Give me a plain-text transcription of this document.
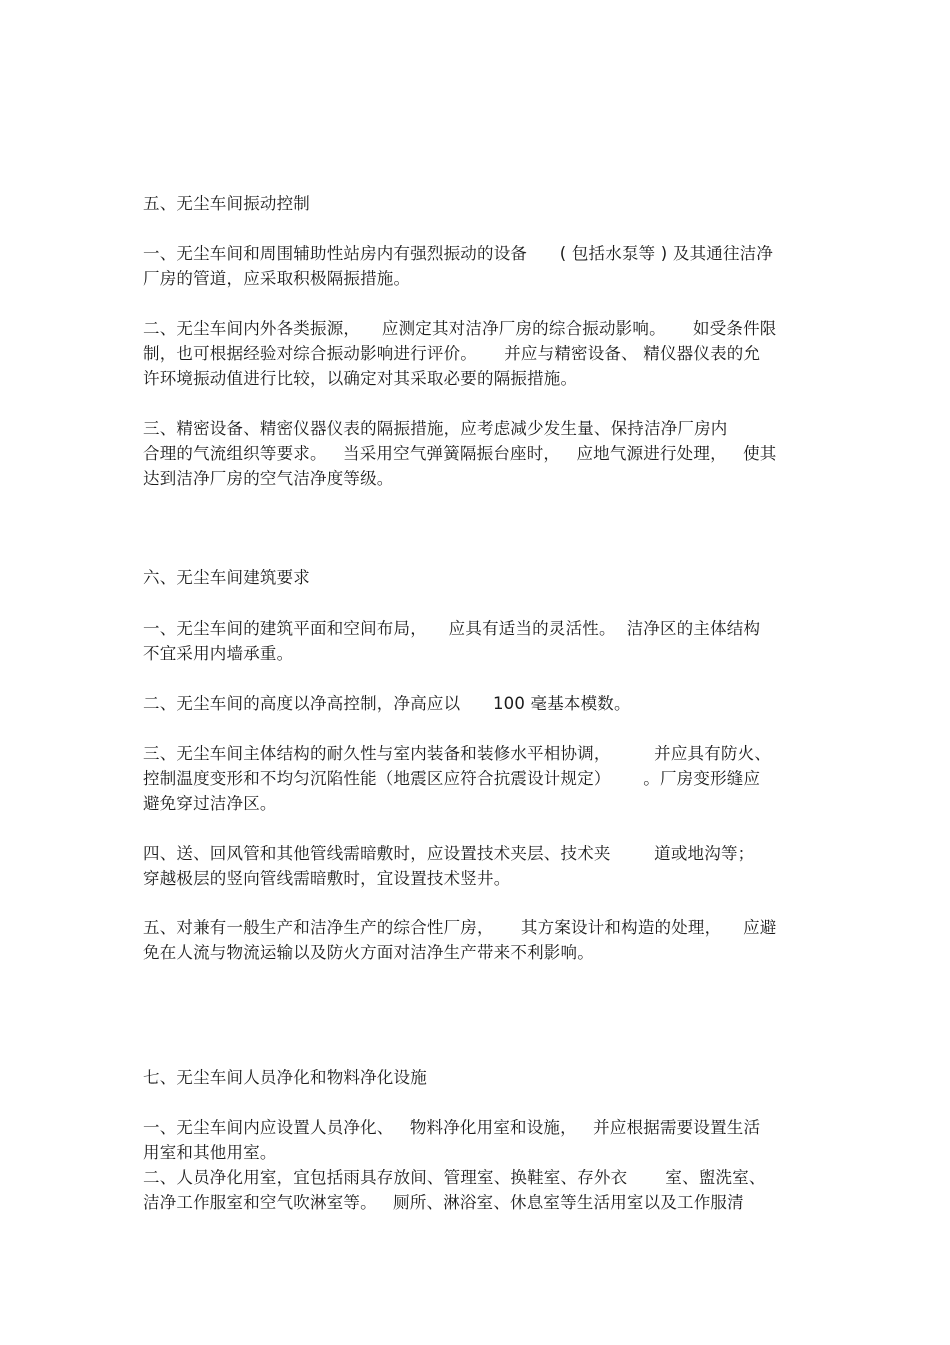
五、无尘车间振动控制
一、无尘车间和周围辅助性站房内有强烈振动的设备      ( 包括水泵等 ) 及其通往洁净
厂房的管道，应采取积极隔振措施。
二、无尘车间内外各类振源，    应测定其对洁净厂房的综合振动影响。     如受条件限
制，也可根据经验对综合振动影响进行评价。     并应与精密设备、 精仪器仪表的允
许环境振动值进行比较，以确定对其采取必要的隔振措施。
三、精密设备、精密仪器仪表的隔振措施，应考虑减少发生量、保持洁净厂房内
合理的气流组织等要求。   当采用空气弹簧隔振台座时，   应地气源进行处理，   使其
达到洁净厂房的空气洁净度等级。
六、无尘车间建筑要求
一、无尘车间的建筑平面和空间布局，    应具有适当的灵活性。  洁净区的主体结构
不宜采用内墙承重。
二、无尘车间的高度以净高控制，净高应以      100 毫基本模数。
三、无尘车间主体结构的耐久性与室内装备和装修水平相协调，        并应具有防火、
控制温度变形和不均匀沉陷性能（地震区应符合抗震设计规定）      。厂房变形缝应
避免穿过洁净区。
四、送、回风管和其他管线需暗敷时，应设置技术夹层、技术夹        道或地沟等；
穿越极层的竖向管线需暗敷时，宜设置技术竖井。
五、对兼有一般生产和洁净生产的综合性厂房，     其方案设计和构造的处理，    应避
免在人流与物流运输以及防火方面对洁净生产带来不利影响。
七、无尘车间人员净化和物料净化设施
一、无尘车间内应设置人员净化、   物料净化用室和设施，   并应根据需要设置生活
用室和其他用室。
二、人员净化用室，宜包括雨具存放间、管理室、换鞋室、存外衣       室、盥洗室、
洁净工作服室和空气吹淋室等。   厕所、淋浴室、休息室等生活用室以及工作服清
